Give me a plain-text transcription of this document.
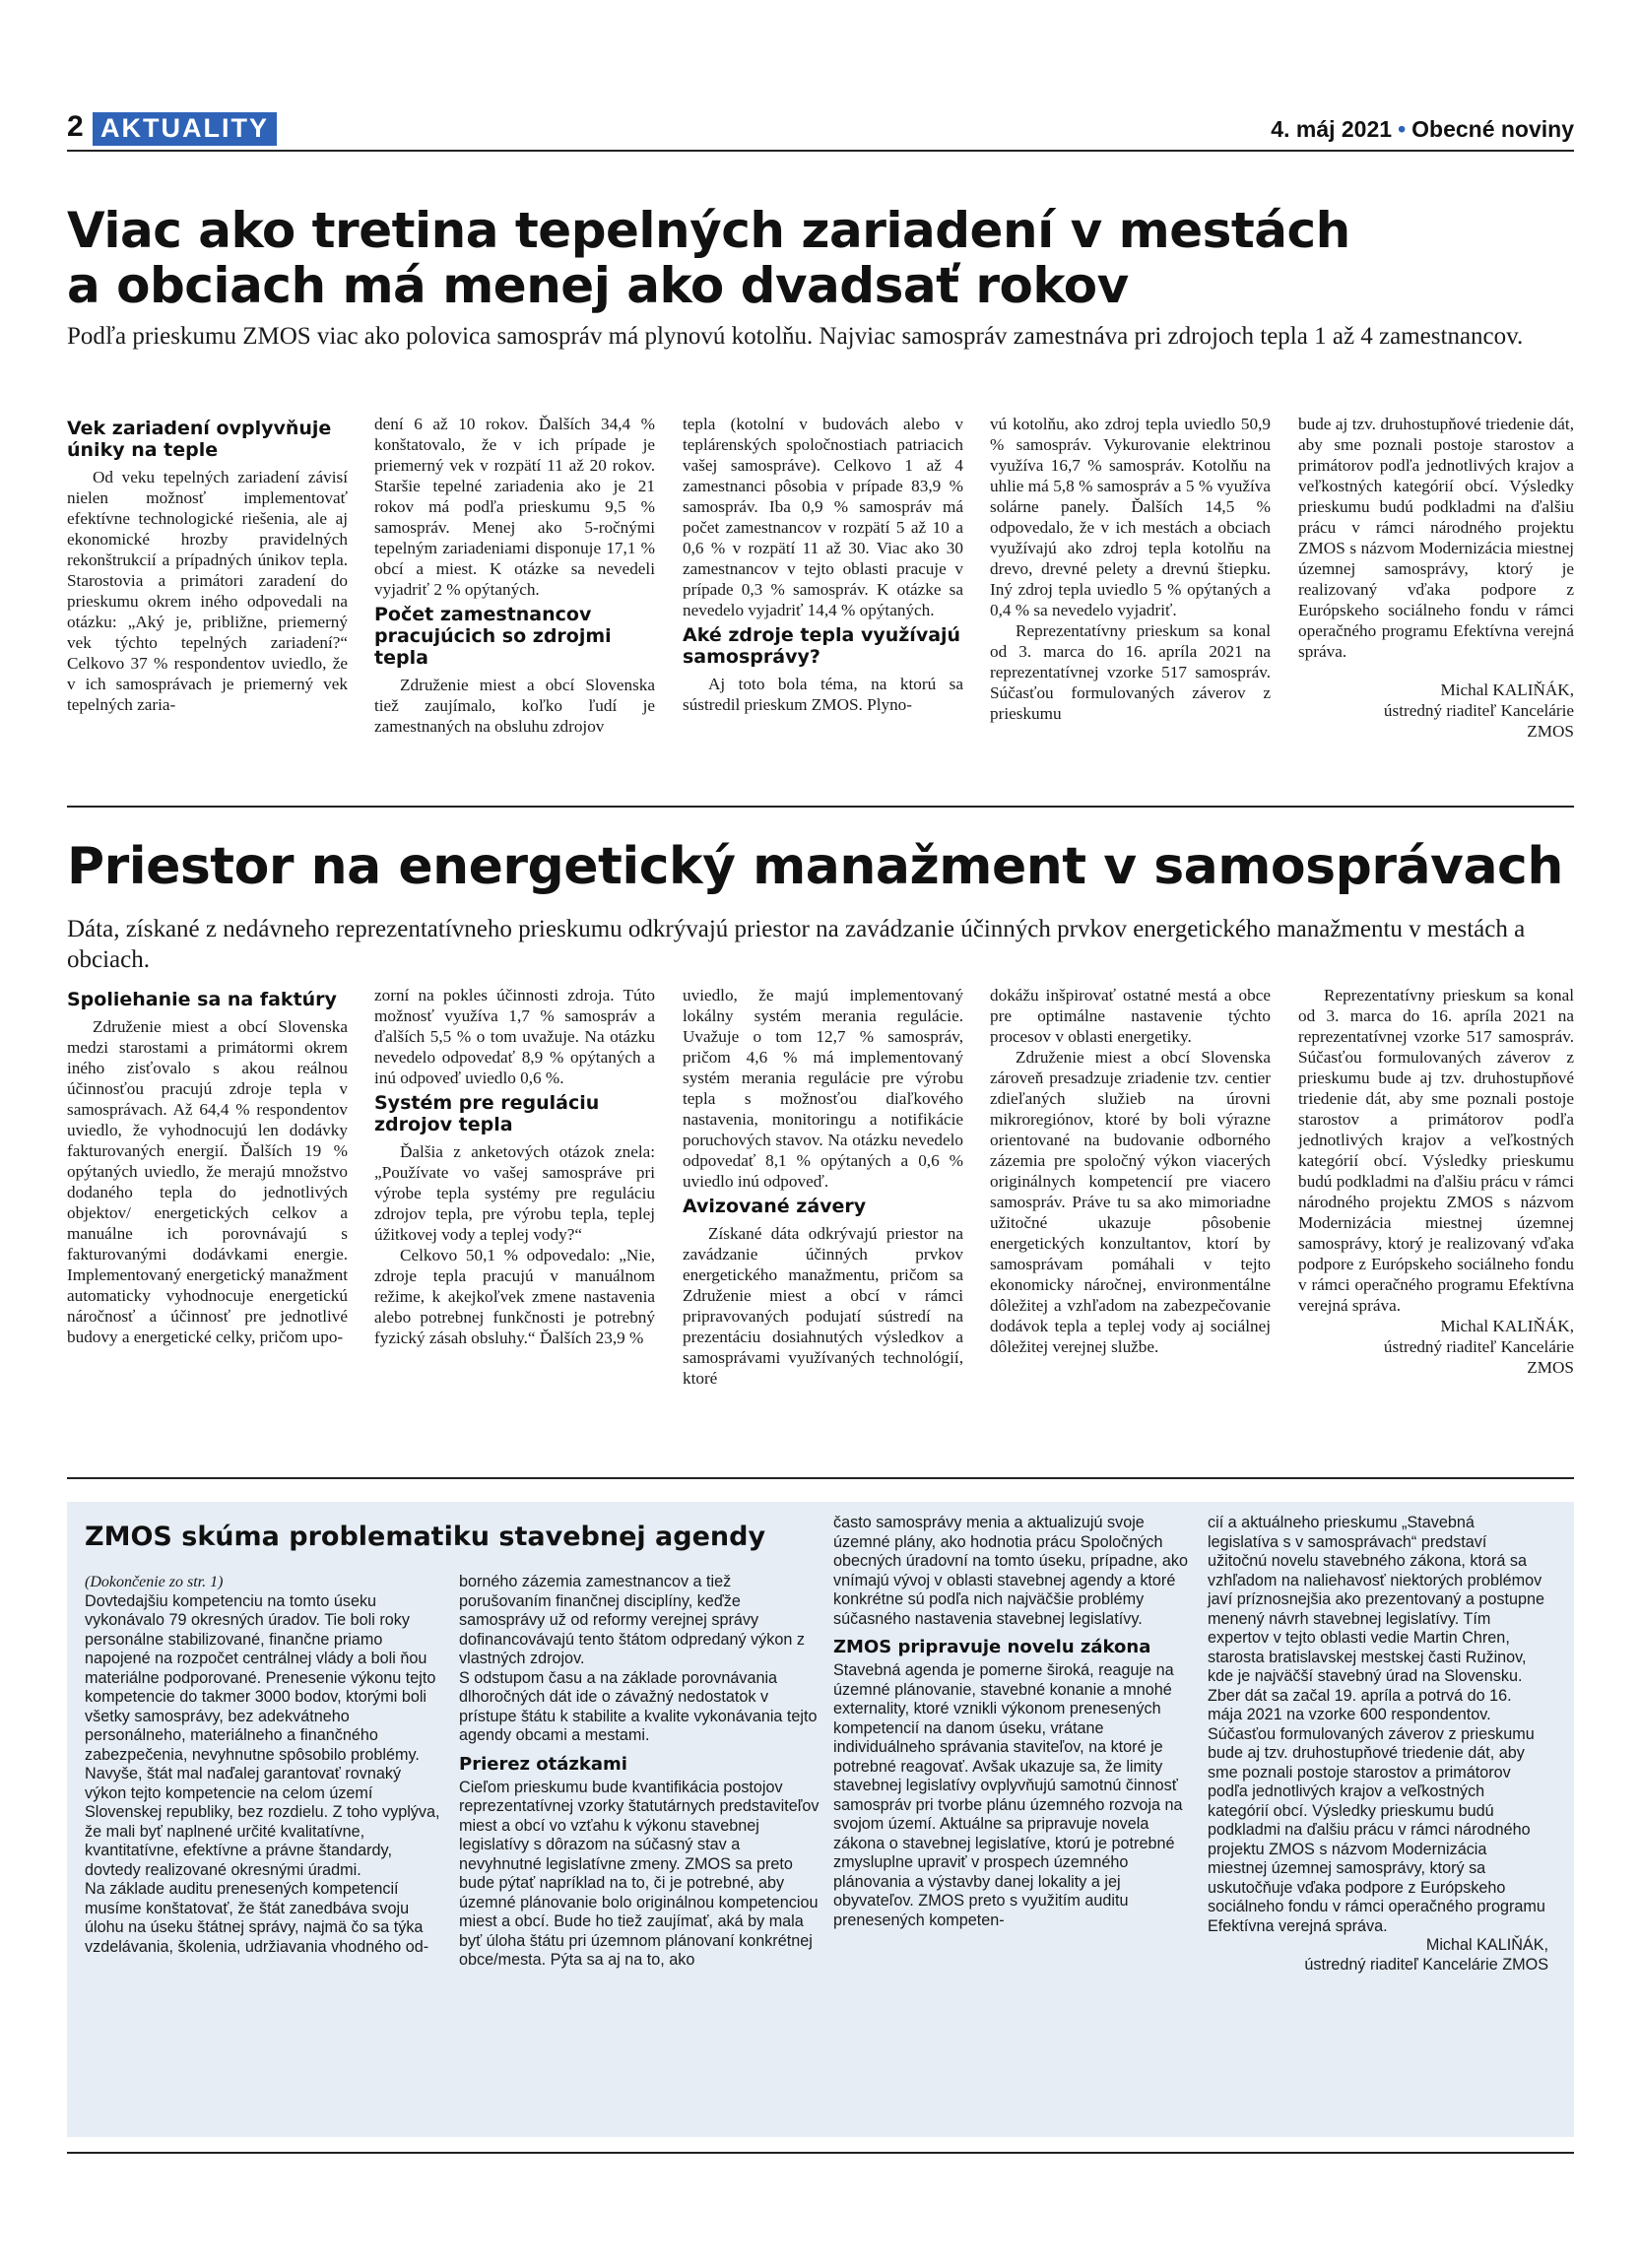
2 AKTUALITY	4. máj 2021 • Obecné noviny
Viac ako tretina tepelných zariadení v mestách
a obciach má menej ako dvadsať rokov

Podľa prieskumu ZMOS viac ako polovica samospráv má plynovú kotolňu. Najviac samospráv zamestnáva pri zdrojoch tepla 1 až 4 zamestnancov.

Vek zariadení ovplyvňuje úniky na teple

Od veku tepelných zariadení závisí nielen možnosť implementovať efektívne technologické riešenia, ale aj ekonomické hrozby pravidelných rekonštrukcií a prípadných únikov tepla. Starostovia a primátori zaradení do prieskumu okrem iného odpovedali na otázku: „Aký je, približne, priemerný vek týchto tepelných zariadení?“ Celkovo 37 % respondentov uviedlo, že v ich samosprávach je priemerný vek tepelných zaria-

dení 6 až 10 rokov. Ďalších 34,4 % konštatovalo, že v ich prípade je priemerný vek v rozpätí 11 až 20 rokov. Staršie tepelné zariadenia ako je 21 rokov má podľa prieskumu 9,5 % samospráv. Menej ako 5-ročnými tepelným zariadeniami disponuje 17,1 % obcí a miest. K otázke sa nevedeli vyjadriť 2 % opýtaných.

Počet zamestnancov pracujúcich so zdrojmi tepla

Združenie miest a obcí Slovenska tiež zaujímalo, koľko ľudí je zamestnaných na obsluhu zdrojov

tepla (kotolní v budovách alebo v teplárenských spoločnostiach patriacich vašej samospráve). Celkovo 1 až 4 zamestnanci pôsobia v prípade 83,9 % samospráv. Iba 0,9 % samospráv má počet zamestnancov v rozpätí 5 až 10 a 0,6 % v rozpätí 11 až 30. Viac ako 30 zamestnancov v tejto oblasti pracuje v prípade 0,3 % samospráv. K otázke sa nevedelo vyjadriť 14,4 % opýtaných.

Aké zdroje tepla využívajú samosprávy?

Aj toto bola téma, na ktorú sa sústredil prieskum ZMOS. Plyno-

vú kotolňu, ako zdroj tepla uviedlo 50,9 % samospráv. Vykurovanie elektrinou využíva 16,7 % samospráv. Kotolňu na uhlie má 5,8 % samospráv a 5 % využíva solárne panely. Ďalších 14,5 % odpovedalo, že v ich mestách a obciach využívajú ako zdroj tepla kotolňu na drevo, drevné pelety a drevnú štiepku. Iný zdroj tepla uviedlo 5 % opýtaných a 0,4 % sa nevedelo vyjadriť.

Reprezentatívny prieskum sa konal od 3. marca do 16. apríla 2021 na reprezentatívnej vzorke 517 samospráv. Súčasťou formulovaných záverov z prieskumu

bude aj tzv. druhostupňové triedenie dát, aby sme poznali postoje starostov a primátorov podľa jednotlivých krajov a veľkostných kategórií obcí. Výsledky prieskumu budú podkladmi na ďalšiu prácu v rámci národného projektu ZMOS s názvom Modernizácia miestnej územnej samosprávy, ktorý je realizovaný vďaka podpore z Európskeho sociálneho fondu v rámci operačného programu Efektívna verejná správa.

Michal KALIŇÁK,

ústredný riaditeľ Kancelárie

ZMOS

Priestor na energetický manažment v samosprávach

Dáta, získané z nedávneho reprezentatívneho prieskumu odkrývajú priestor na zavádzanie účinných prvkov energetického manažmentu v mestách a obciach.

Spoliehanie sa na faktúry

Združenie miest a obcí Slovenska medzi starostami a primátormi okrem iného zisťovalo s akou reálnou účinnosťou pracujú zdroje tepla v samosprávach. Až 64,4 % respondentov uviedlo, že vyhodnocujú len dodávky fakturovaných energií. Ďalších 19 % opýtaných uviedlo, že merajú množstvo dodaného tepla do jednotlivých objektov/ energetických celkov a manuálne ich porovnávajú s fakturovanými dodávkami energie. Implementovaný energetický manažment automaticky vyhodnocuje energetickú náročnosť a účinnosť pre jednotlivé budovy a energetické celky, pričom upo-

zorní na pokles účinnosti zdroja. Túto možnosť využíva 1,7 % samospráv a ďalších 5,5 % o tom uvažuje. Na otázku nevedelo odpovedať 8,9 % opýtaných a inú odpoveď uviedlo 0,6 %.

Systém pre reguláciu zdrojov tepla

Ďalšia z anketových otázok znela: „Používate vo vašej samospráve pri výrobe tepla systémy pre reguláciu zdrojov tepla, pre výrobu tepla, teplej úžitkovej vody a teplej vody?“

Celkovo 50,1 % odpovedalo: „Nie, zdroje tepla pracujú v manuálnom režime, k akejkoľvek zmene nastavenia alebo potrebnej funkčnosti je potrebný fyzický zásah obsluhy.“ Ďalších 23,9 %

uviedlo, že majú implementovaný lokálny systém merania regulácie. Uvažuje o tom 12,7 % samospráv, pričom 4,6 % má implementovaný systém merania regulácie pre výrobu tepla s možnosťou diaľkového nastavenia, monitoringu a notifikácie poruchových stavov. Na otázku nevedelo odpovedať 8,1 % opýtaných a 0,6 % uviedlo inú odpoveď.

Avizované závery

Získané dáta odkrývajú priestor na zavádzanie účinných prvkov energetického manažmentu, pričom sa Združenie miest a obcí v rámci pripravovaných podujatí sústredí na prezentáciu dosiahnutých výsledkov a samosprávami využívaných technológií, ktoré

dokážu inšpirovať ostatné mestá a obce pre optimálne nastavenie týchto procesov v oblasti energetiky.

Združenie miest a obcí Slovenska zároveň presadzuje zriadenie tzv. centier zdieľaných služieb na úrovni mikroregiónov, ktoré by boli výrazne orientované na budovanie odborného zázemia pre spoločný výkon viacerých originálnych kompetencií pre viacero samospráv. Práve tu sa ako mimoriadne užitočné ukazuje pôsobenie energetických konzultantov, ktorí by samosprávam pomáhali v tejto ekonomicky náročnej, environmentálne dôležitej a vzhľadom na zabezpečovanie dodávok tepla a teplej vody aj sociálnej dôležitej verejnej službe.

Reprezentatívny prieskum sa konal od 3. marca do 16. apríla 2021 na reprezentatívnej vzorke 517 samospráv. Súčasťou formulovaných záverov z prieskumu bude aj tzv. druhostupňové triedenie dát, aby sme poznali postoje starostov a primátorov podľa jednotlivých krajov a veľkostných kategórií obcí. Výsledky prieskumu budú podkladmi na ďalšiu prácu v rámci národného projektu ZMOS s názvom Modernizácia miestnej územnej samosprávy, ktorý je realizovaný vďaka podpore z Európskeho sociálneho fondu v rámci operačného programu Efektívna verejná správa.

Michal KALIŇÁK,

ústredný riaditeľ Kancelárie

ZMOS

ZMOS skúma problematiku stavebnej agendy

(Dokončenie zo str. 1)

Dovtedajšiu kompetenciu na tomto úseku vykonávalo 79 okresných úradov. Tie boli roky personálne stabilizované, finančne priamo napojené na rozpočet centrálnej vlády a boli ňou materiálne podporované. Prenesenie výkonu tejto kompetencie do takmer 3000 bodov, ktorými boli všetky samosprávy, bez adekvátneho personálneho, materiálneho a finančného zabezpečenia, nevyhnutne spôsobilo problémy. Navyše, štát mal naďalej garantovať rovnaký výkon tejto kompetencie na celom území Slovenskej republiky, bez rozdielu. Z toho vyplýva, že mali byť naplnené určité kvalitatívne, kvantitatívne, efektívne a právne štandardy, dovtedy realizované okresnými úradmi.

Na základe auditu prenesených kompetencií musíme konštatovať, že štát zanedbáva svoju úlohu na úseku štátnej správy, najmä čo sa týka vzdelávania, školenia, udržiavania vhodného od-

borného zázemia zamestnancov a tiež porušovaním finančnej disciplíny, keďže samosprávy už od reformy verejnej správy dofinancovávajú tento štátom odpredaný výkon z vlastných zdrojov.

S odstupom času a na základe porovnávania dlhoročných dát ide o závažný nedostatok v prístupe štátu k stabilite a kvalite vykonávania tejto agendy obcami a mestami.

Prierez otázkami

Cieľom prieskumu bude kvantifikácia postojov reprezentatívnej vzorky štatutárnych predstaviteľov miest a obcí vo vzťahu k výkonu stavebnej legislatívy s dôrazom na súčasný stav a nevyhnutné legislatívne zmeny. ZMOS sa preto bude pýtať napríklad na to, či je potrebné, aby územné plánovanie bolo originálnou kompetenciou miest a obcí. Bude ho tiež zaujímať, aká by mala byť úloha štátu pri územnom plánovaní konkrétnej obce/mesta. Pýta sa aj na to, ako

často samosprávy menia a aktualizujú svoje územné plány, ako hodnotia prácu Spoločných obecných úradovní na tomto úseku, prípadne, ako vnímajú vývoj v oblasti stavebnej agendy a ktoré konkrétne sú podľa nich najväčšie problémy súčasného nastavenia stavebnej legislatívy.

ZMOS pripravuje novelu zákona

Stavebná agenda je pomerne široká, reaguje na územné plánovanie, stavebné konanie a mnohé externality, ktoré vznikli výkonom prenesených kompetencií na danom úseku, vrátane individuálneho správania staviteľov, na ktoré je potrebné reagovať. Avšak ukazuje sa, že limity stavebnej legislatívy ovplyvňujú samotnú činnosť samospráv pri tvorbe plánu územného rozvoja na svojom území. Aktuálne sa pripravuje novela zákona o stavebnej legislatíve, ktorú je potrebné zmysluplne upraviť v prospech územného plánovania a výstavby danej lokality a jej obyvateľov. ZMOS preto s využitím auditu prenesených kompeten-

cií a aktuálneho prieskumu „Stavebná legislatíva s v samosprávach“ predstaví užitočnú novelu stavebného zákona, ktorá sa vzhľadom na naliehavosť niektorých problémov javí príznosnejšia ako prezentovaný a postupne menený návrh stavebnej legislatívy. Tím expertov v tejto oblasti vedie Martin Chren, starosta bratislavskej mestskej časti Ružinov, kde je najväčší stavebný úrad na Slovensku.

Zber dát sa začal 19. apríla a potrvá do 16. mája 2021 na vzorke 600 respondentov. Súčasťou formulovaných záverov z prieskumu bude aj tzv. druhostupňové triedenie dát, aby sme poznali postoje starostov a primátorov podľa jednotlivých krajov a veľkostných kategórií obcí. Výsledky prieskumu budú podkladmi na ďalšiu prácu v rámci národného projektu ZMOS s názvom Modernizácia miestnej územnej samosprávy, ktorý sa uskutočňuje vďaka podpore z Európskeho sociálneho fondu v rámci operačného programu Efektívna verejná správa.

Michal KALIŇÁK,

ústredný riaditeľ Kancelárie ZMOS
